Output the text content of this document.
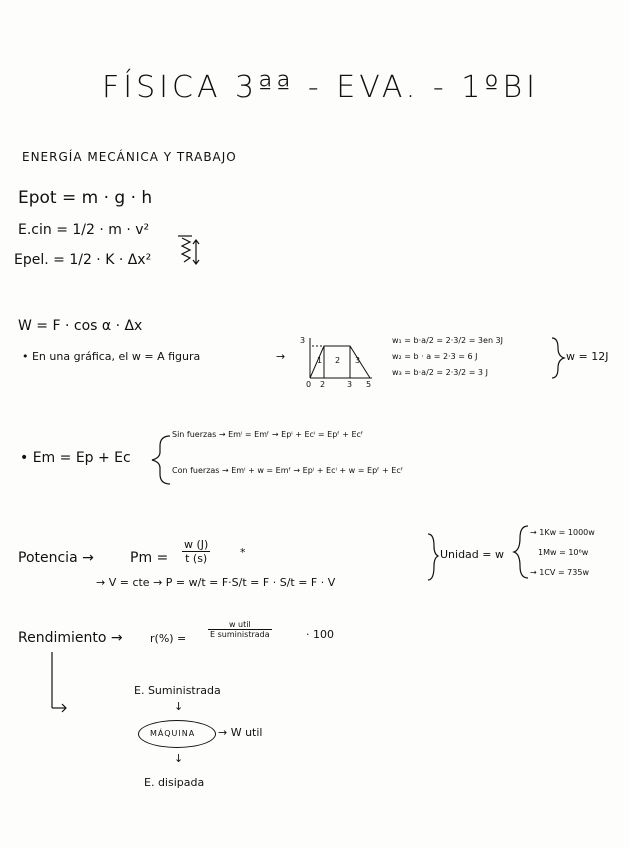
FÍSICA 3ªª - EVA. - 1ºBI
ENERGÍA MECÁNICA Y TRABAJO
Epot = m · g · h
E.cin = 1/2 · m · v²
Epel. = 1/2 · K · Δx²
3
0 2	3 5
1 2 3
W = F · cos α · Δx
• En una gráfica, el w = A figura	→
w₁ = b·a/2 = 2·3/2 = 3en 3J
w₂ = b · a = 2·3 = 6 J
w₃ = b·a/2 = 2·3/2 = 3 J
w = 12J
• Em = Ep + Ec
Sin fuerzas → Emⁱ = Emᶠ → Epⁱ + Ecⁱ = Epᶠ + Ecᶠ
Con fuerzas → Emⁱ + w = Emᶠ → Epⁱ + Ecⁱ + w = Epᶠ + Ecᶠ
Potencia →	$Pm = \frac{w (J)}{t (s)}$	*
→ V = cte → P = w/t = F·S/t = F · S/t = F · V
Unidad = w
→ 1Kw = 1000w
1Mw = 10⁶w
→ 1CV = 735w
Rendimiento → r(%) =
w util
E suministrada	· 100
E. Suministrada
↓
MÁQUINA → W util
↓
E. disipada
